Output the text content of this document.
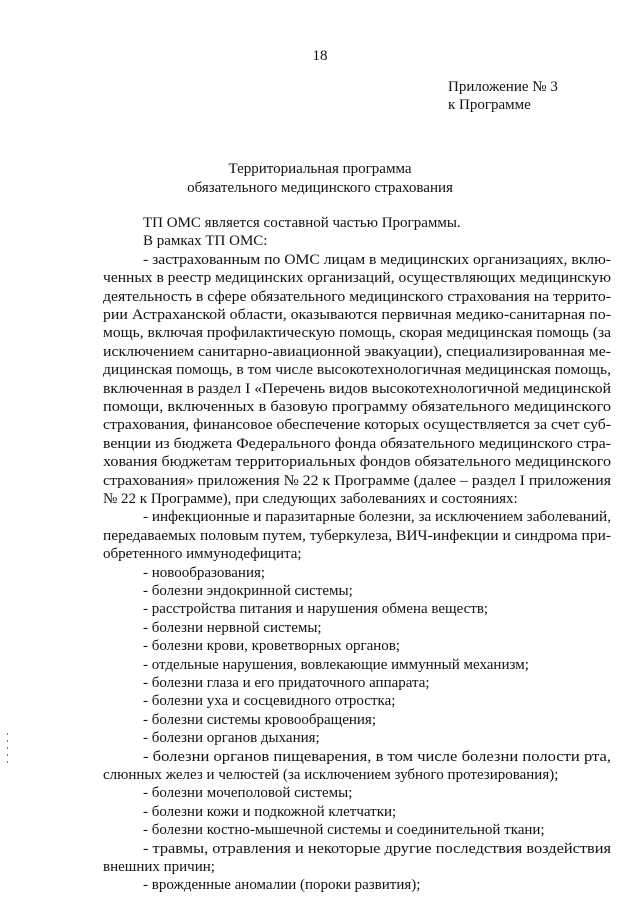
18
Приложение № 3
к Программе
Территориальная программа
обязательного медицинского страхования
ТП ОМС является составной частью Программы.
В рамках ТП ОМС:
- застрахованным по ОМС лицам в медицинских организациях, вклю-
ченных в реестр медицинских организаций, осуществляющих медицинскую
деятельность в сфере обязательного медицинского страхования на террито-
рии Астраханской области, оказываются первичная медико-санитарная по-
мощь, включая профилактическую помощь, скорая медицинская помощь (за
исключением санитарно-авиационной эвакуации), специализированная ме-
дицинская помощь, в том числе высокотехнологичная медицинская помощь,
включенная в раздел I «Перечень видов высокотехнологичной медицинской
помощи, включенных в базовую программу обязательного медицинского
страхования, финансовое обеспечение которых осуществляется за счет суб-
венции из бюджета Федерального фонда обязательного медицинского стра-
хования бюджетам территориальных фондов обязательного медицинского
страхования» приложения № 22 к Программе (далее – раздел I приложения
№ 22 к Программе), при следующих заболеваниях и состояниях:
- инфекционные и паразитарные болезни, за исключением заболеваний,
передаваемых половым путем, туберкулеза, ВИЧ-инфекции и синдрома при-
обретенного иммунодефицита;
- новообразования;
- болезни эндокринной системы;
- расстройства питания и нарушения обмена веществ;
- болезни нервной системы;
- болезни крови, кроветворных органов;
- отдельные нарушения, вовлекающие иммунный механизм;
- болезни глаза и его придаточного аппарата;
- болезни уха и сосцевидного отростка;
- болезни системы кровообращения;
- болезни органов дыхания;
- болезни органов пищеварения, в том числе болезни полости рта,
слюнных желез и челюстей (за исключением зубного протезирования);
- болезни мочеполовой системы;
- болезни кожи и подкожной клетчатки;
- болезни костно-мышечной системы и соединительной ткани;
- травмы, отравления и некоторые другие последствия воздействия
внешних причин;
- врожденные аномалии (пороки развития);
